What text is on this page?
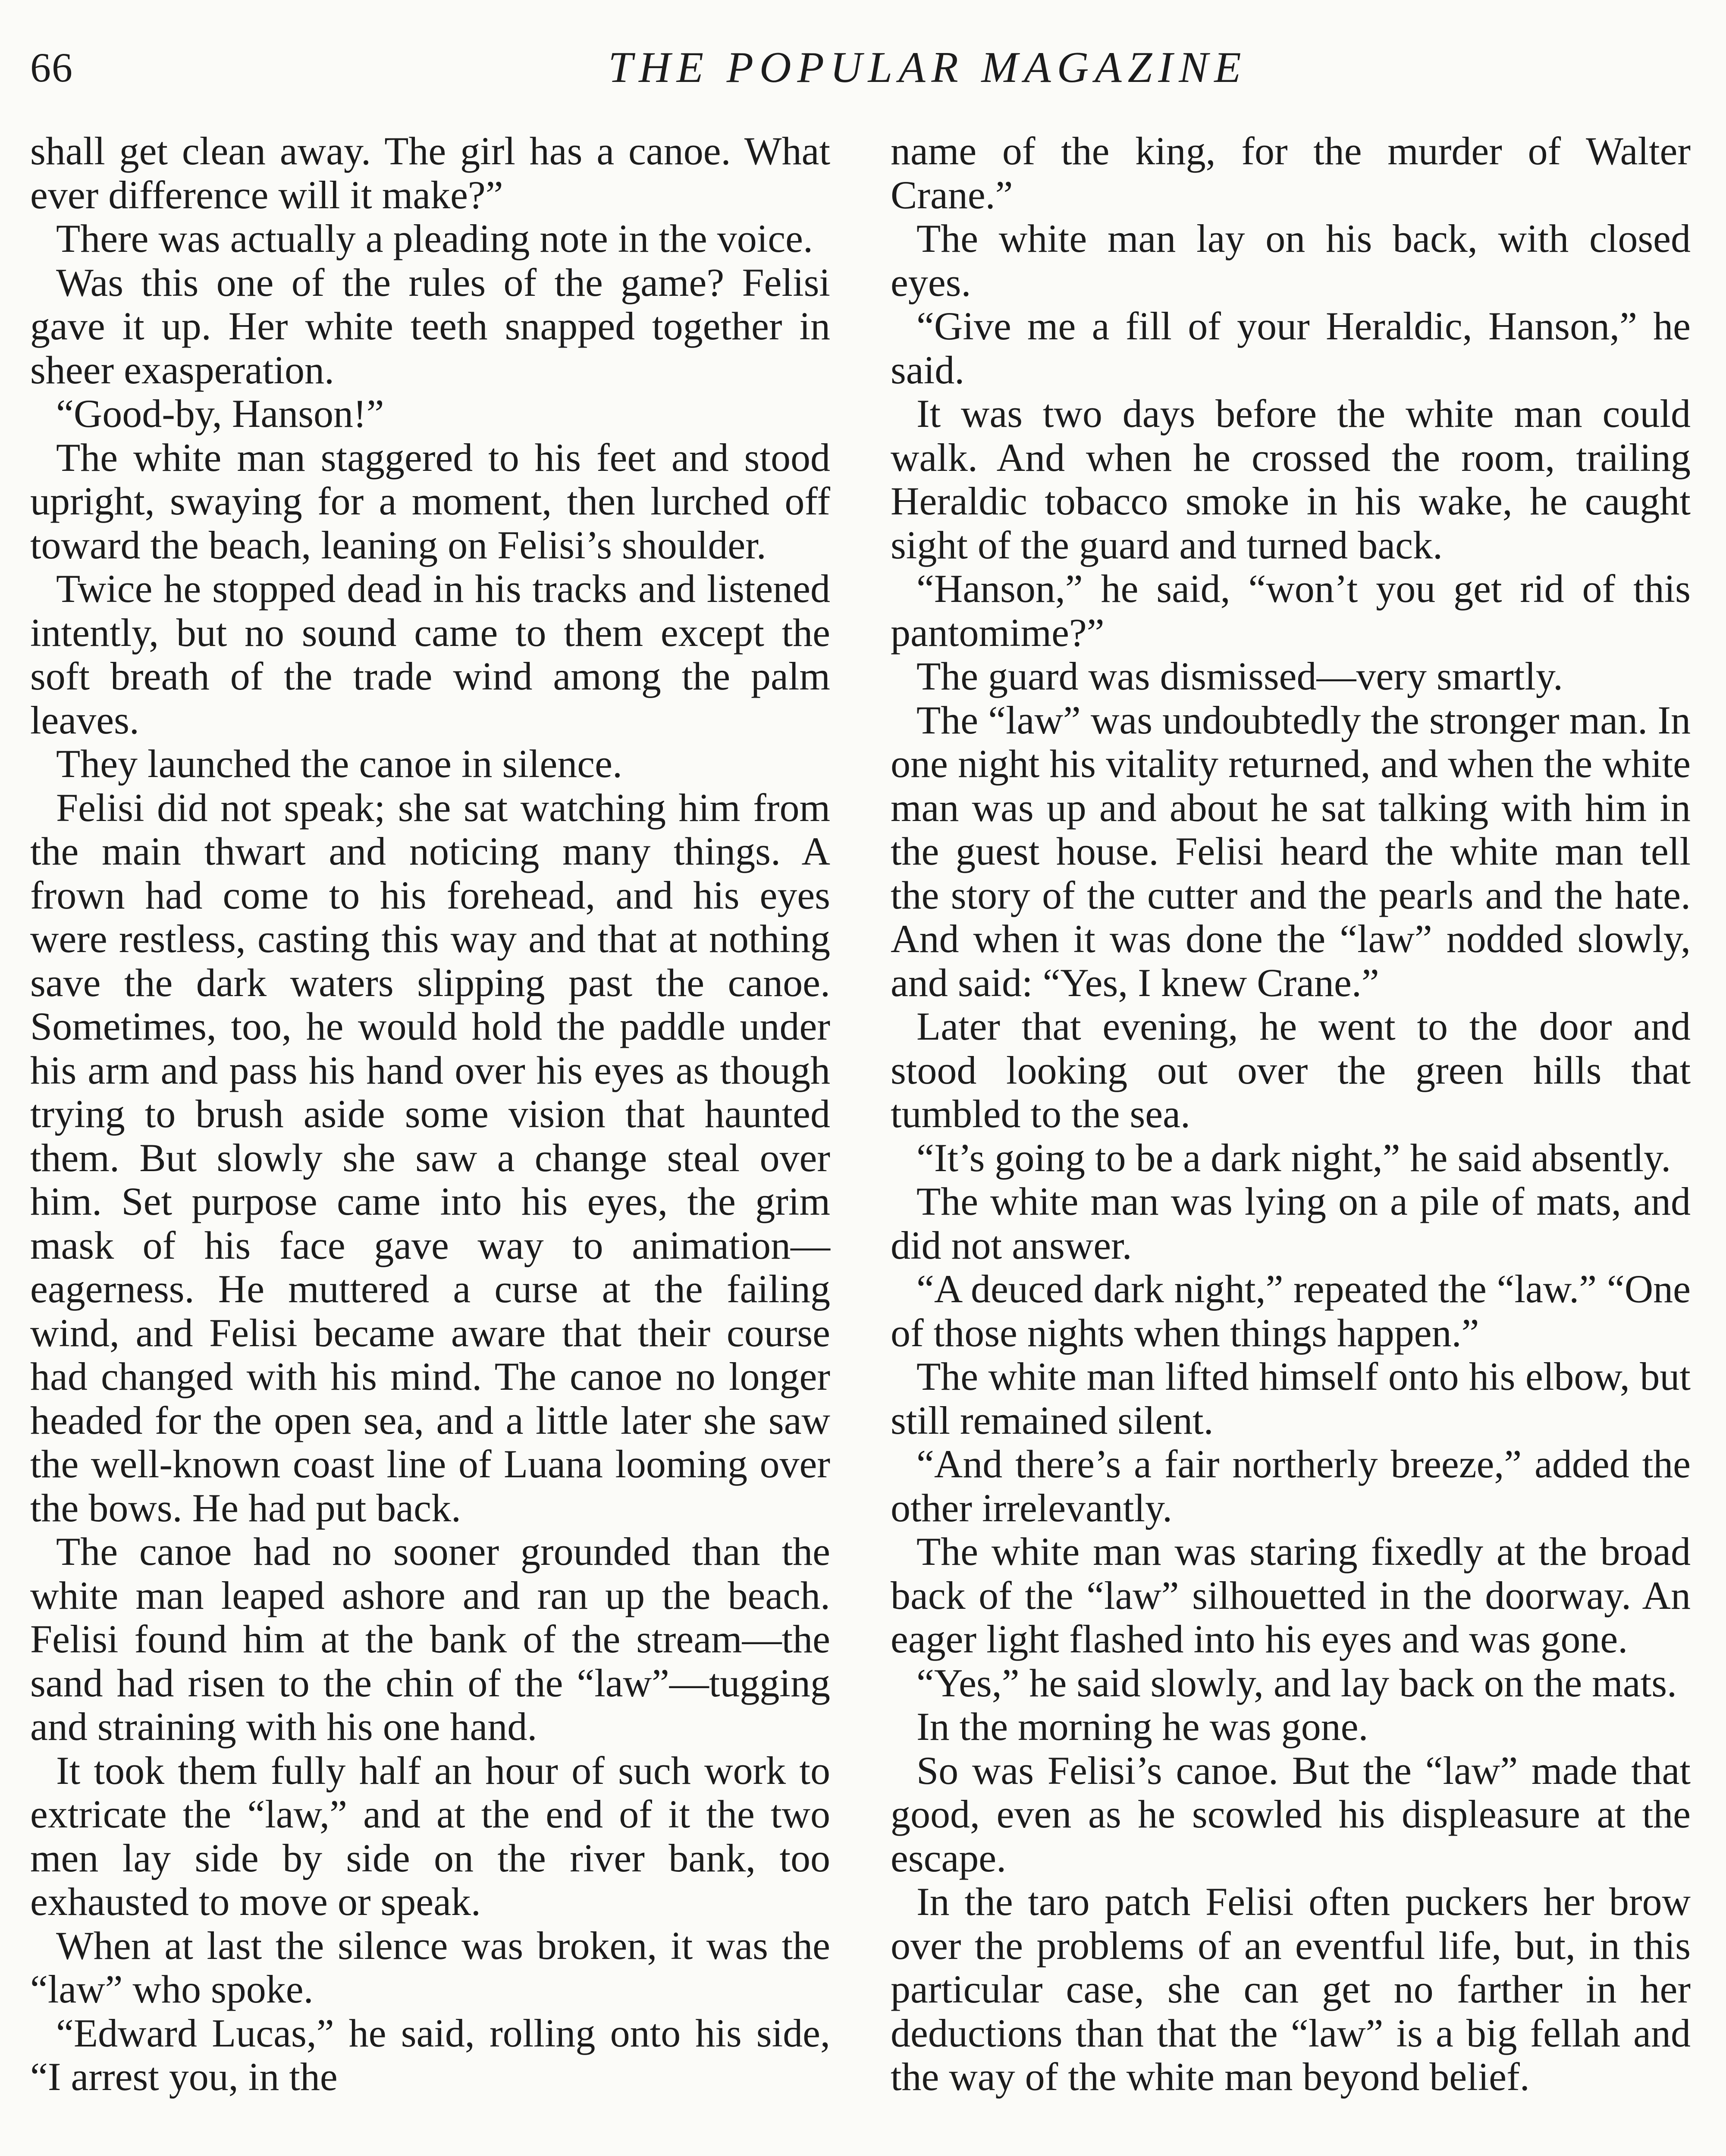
66	THE POPULAR MAGAZINE

shall get clean away. The girl has a canoe. What ever difference will it make?”

There was actually a pleading note in the voice.

Was this one of the rules of the game? Felisi gave it up. Her white teeth snapped together in sheer exasperation.

“Good-by, Hanson!”

The white man staggered to his feet and stood upright, swaying for a moment, then lurched off toward the beach, leaning on Felisi’s shoulder.

Twice he stopped dead in his tracks and listened intently, but no sound came to them except the soft breath of the trade wind among the palm leaves.

They launched the canoe in silence.

Felisi did not speak; she sat watching him from the main thwart and noticing many things. A frown had come to his forehead, and his eyes were restless, casting this way and that at nothing save the dark waters slipping past the canoe. Sometimes, too, he would hold the paddle under his arm and pass his hand over his eyes as though trying to brush aside some vision that haunted them. But slowly she saw a change steal over him. Set purpose came into his eyes, the grim mask of his face gave way to animation—eagerness. He muttered a curse at the failing wind, and Felisi became aware that their course had changed with his mind. The canoe no longer headed for the open sea, and a little later she saw the well-known coast line of Luana looming over the bows. He had put back.

The canoe had no sooner grounded than the white man leaped ashore and ran up the beach. Felisi found him at the bank of the stream—the sand had risen to the chin of the “law”—tugging and straining with his one hand.

It took them fully half an hour of such work to extricate the “law,” and at the end of it the two men lay side by side on the river bank, too exhausted to move or speak.

When at last the silence was broken, it was the “law” who spoke.

“Edward Lucas,” he said, rolling onto his side, “I arrest you, in the

name of the king, for the murder of Walter Crane.”

The white man lay on his back, with closed eyes.

“Give me a fill of your Heraldic, Hanson,” he said.

It was two days before the white man could walk. And when he crossed the room, trailing Heraldic tobacco smoke in his wake, he caught sight of the guard and turned back.

“Hanson,” he said, “won’t you get rid of this pantomime?”

The guard was dismissed—very smartly.

The “law” was undoubtedly the stronger man. In one night his vitality returned, and when the white man was up and about he sat talking with him in the guest house. Felisi heard the white man tell the story of the cutter and the pearls and the hate. And when it was done the “law” nodded slowly, and said: “Yes, I knew Crane.”

Later that evening, he went to the door and stood looking out over the green hills that tumbled to the sea.

“It’s going to be a dark night,” he said absently.

The white man was lying on a pile of mats, and did not answer.

“A deuced dark night,” repeated the “law.” “One of those nights when things happen.”

The white man lifted himself onto his elbow, but still remained silent.

“And there’s a fair northerly breeze,” added the other irrelevantly.

The white man was staring fixedly at the broad back of the “law” silhouetted in the doorway. An eager light flashed into his eyes and was gone.

“Yes,” he said slowly, and lay back on the mats.

In the morning he was gone.

So was Felisi’s canoe. But the “law” made that good, even as he scowled his displeasure at the escape.

In the taro patch Felisi often puckers her brow over the problems of an eventful life, but, in this particular case, she can get no farther in her deductions than that the “law” is a big fellah and the way of the white man beyond belief.
